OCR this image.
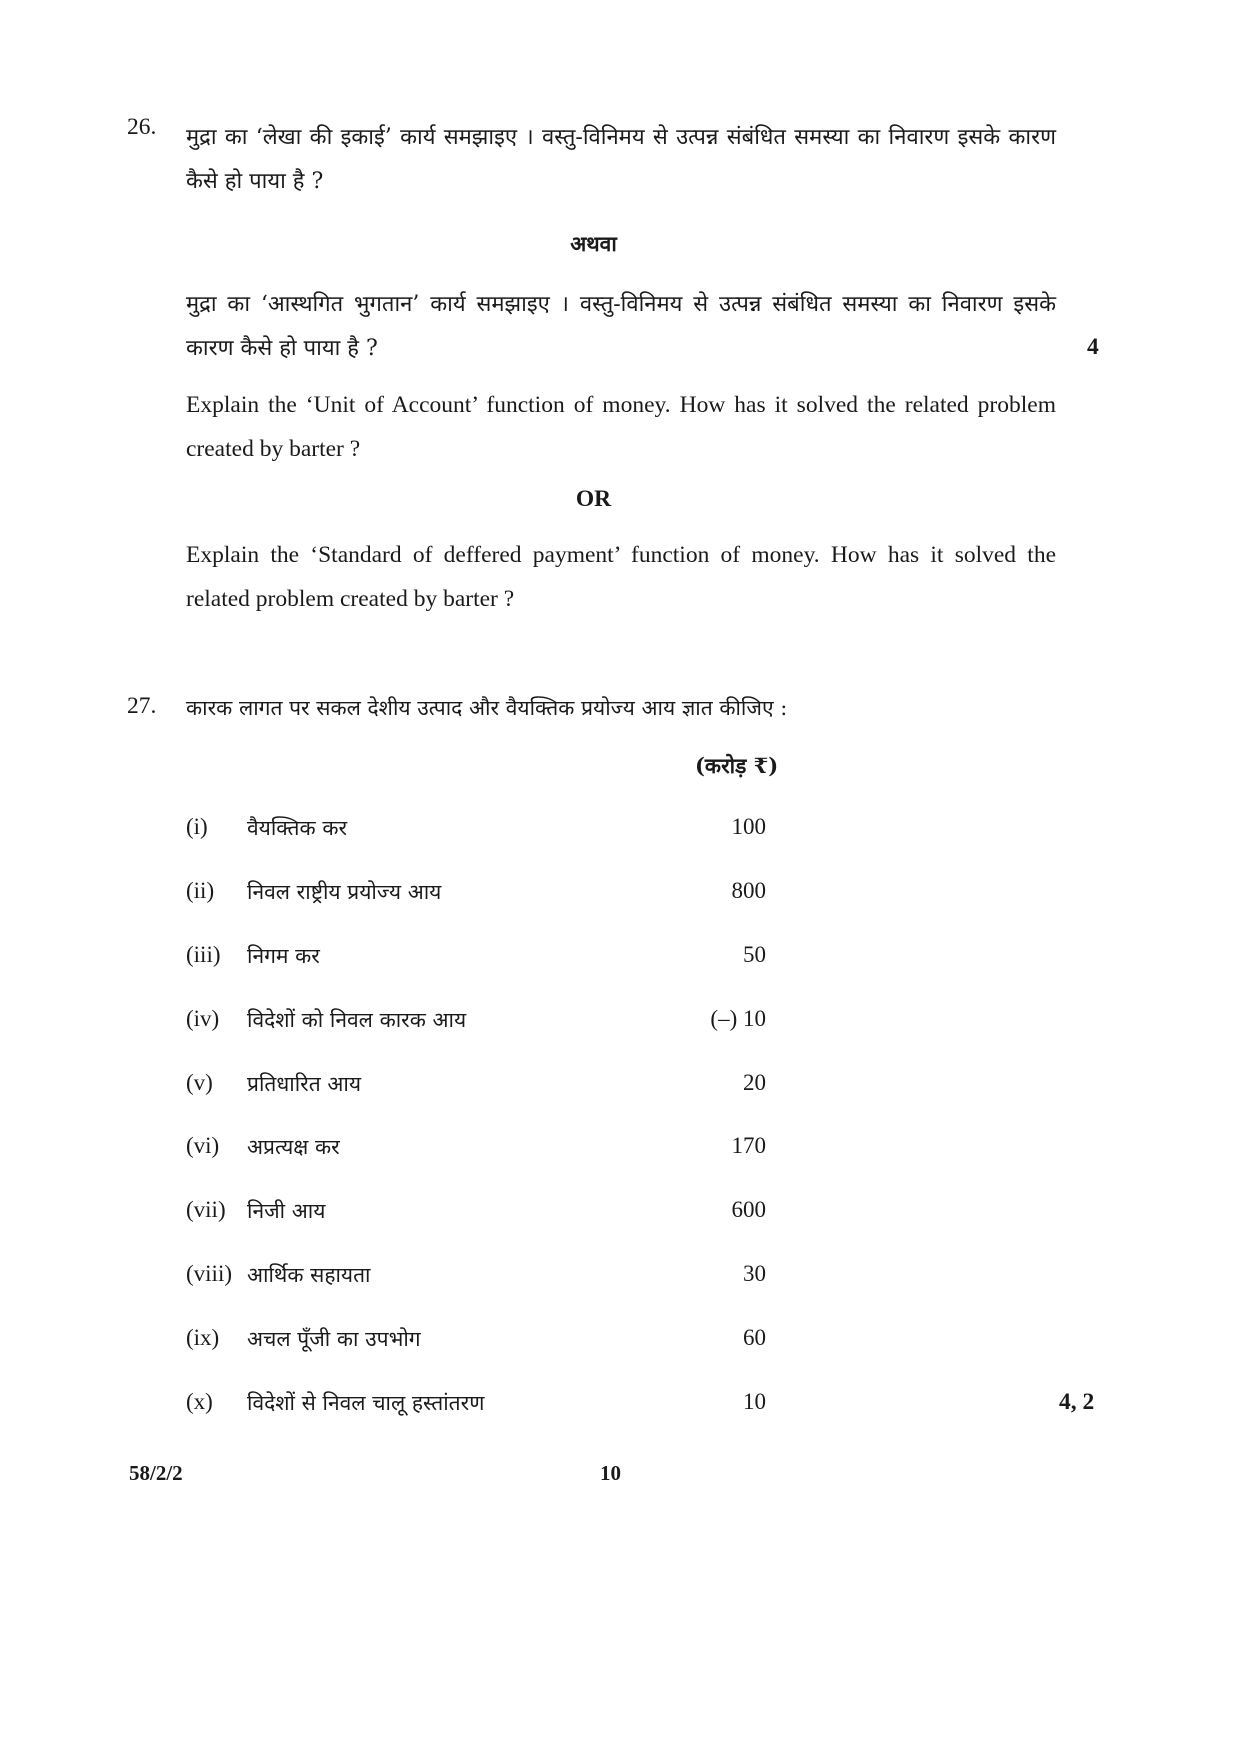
26. मुद्रा का ‘लेखा की इकाई’ कार्य समझाइए । वस्तु-विनिमय से उत्पन्न संबंधित समस्या का निवारण इसके कारण कैसे हो पाया है ?
अथवा
मुद्रा का ‘आस्थगित भुगतान’ कार्य समझाइए । वस्तु-विनिमय से उत्पन्न संबंधित समस्या का निवारण इसके कारण कैसे हो पाया है ?	4
Explain the ‘Unit of Account’ function of money. How has it solved the related problem created by barter ?
OR
Explain the ‘Standard of deffered payment’ function of money. How has it solved the related problem created by barter ?
27. कारक लागत पर सकल देशीय उत्पाद और वैयक्तिक प्रयोज्य आय ज्ञात कीजिए :
(करोड़ ₹)
(i) वैयक्तिक कर	100
(ii) निवल राष्ट्रीय प्रयोज्य आय	800
(iii) निगम कर	50
(iv) विदेशों को निवल कारक आय	(–) 10
(v) प्रतिधारित आय	20
(vi) अप्रत्यक्ष कर	170
(vii) निजी आय	600
(viii) आर्थिक सहायता	30
(ix) अचल पूँजी का उपभोग	60
(x) विदेशों से निवल चालू हस्तांतरण	10	4, 2
58/2/2	10
